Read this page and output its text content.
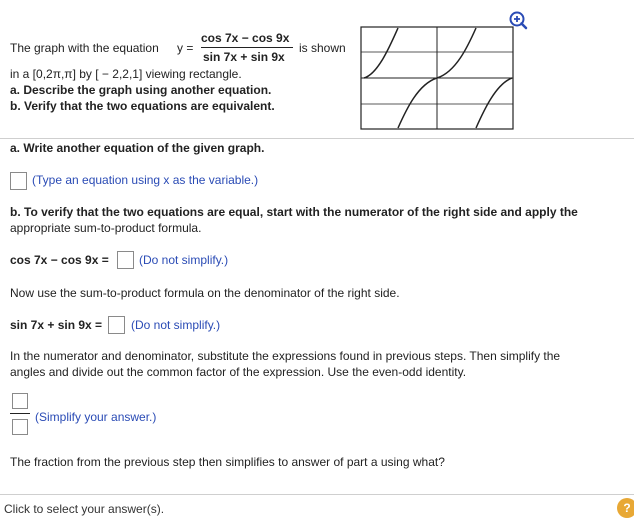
The graph with the equation y =
cos 7x − cos 9x
sin 7x + sin 9x
is shown
in a [0,2π,π] by [ − 2,2,1] viewing rectangle.
a. Describe the graph using another equation.
b. Verify that the two equations are equivalent.
a. Write another equation of the given graph.
(Type an equation using x as the variable.)
b. To verify that the two equations are equal, start with the numerator of the right side and apply the
appropriate sum-to-product formula.
cos 7x − cos 9x =	(Do not simplify.)
Now use the sum-to-product formula on the denominator of the right side.
sin 7x + sin 9x = (Do not simplify.)
In the numerator and denominator, substitute the expressions found in previous steps. Then simplify the
angles and divide out the common factor of the expression. Use the even-odd identity.
(Simplify your answer.)
The fraction from the previous step then simplifies to answer of part a using what?
Click to select your answer(s).	?
